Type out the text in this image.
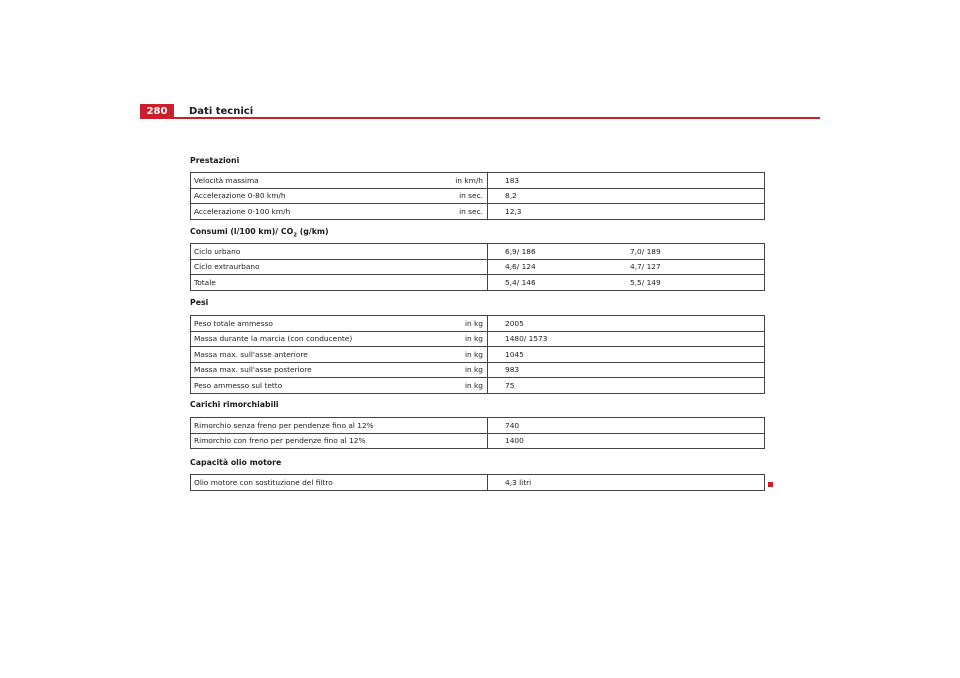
280	Dati tecnici
Prestazioni
Velocità massima in km/h	183
Accelerazione 0-80 km/h in sec.	8,2
Accelerazione 0-100 km/h in sec.	12,3
Consumi (l/100 km)/ $CO_2$ (g/km)
Ciclo urbano	6,9/ 186	7,0/ 189
Ciclo extraurbano	4,6/ 124	4,7/ 127
Totale	5,4/ 146	5,5/ 149
Pesi
Peso totale ammesso in kg	2005
Massa durante la marcia (con conducente) in kg	1480/ 1573
Massa max. sull'asse anteriore in kg	1045
Massa max. sull'asse posteriore in kg	983
Peso ammesso sul tetto in kg	75
Carichi rimorchiabili
Rimorchio senza freno per pendenze fino al 12%	740
Rimorchio con freno per pendenze fino al 12%	1400
Capacità olio motore
Olio motore con sostituzione del filtro	4,3 litri
